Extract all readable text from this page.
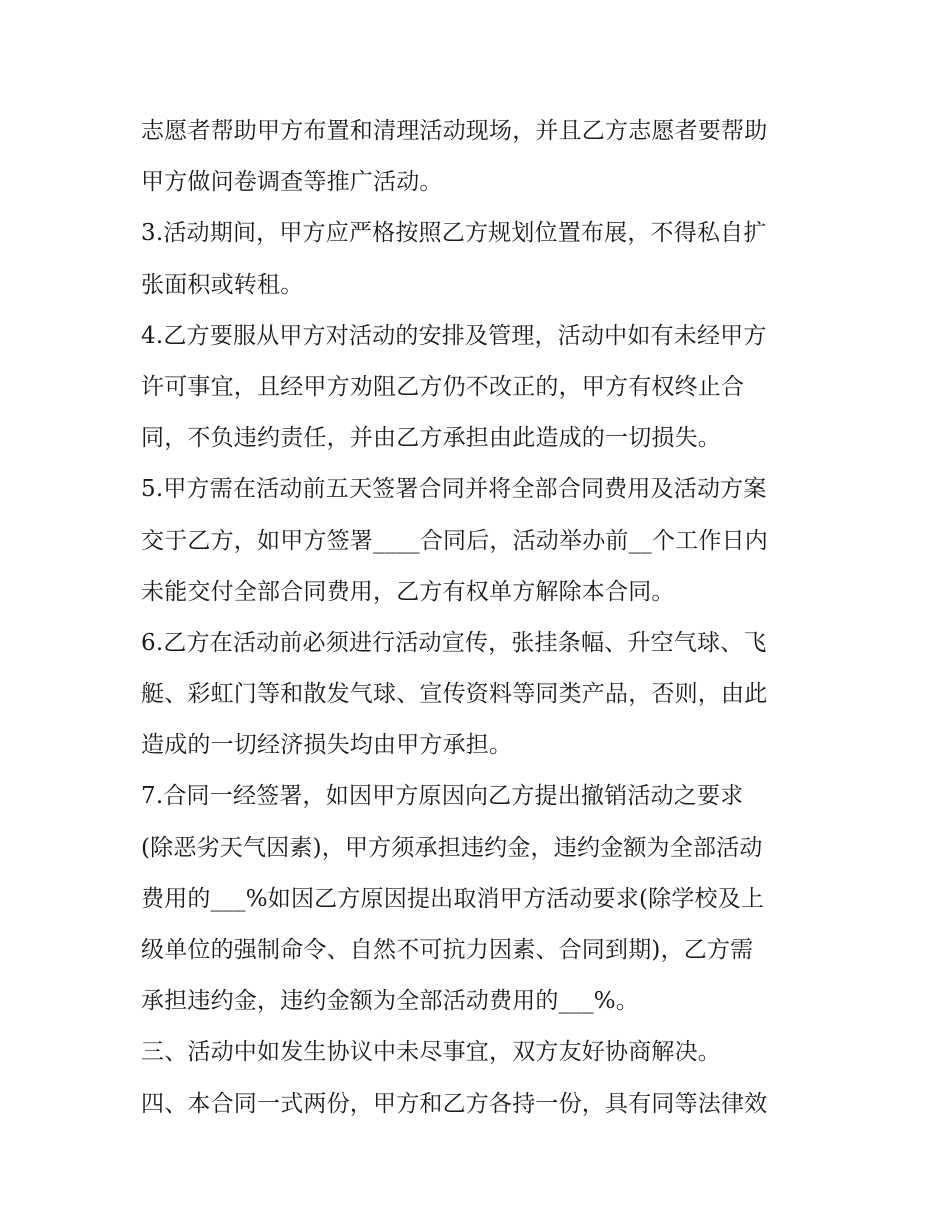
志愿者帮助甲方布置和清理活动现场，并且乙方志愿者要帮助
甲方做问卷调查等推广活动。
3.活动期间，甲方应严格按照乙方规划位置布展，不得私自扩
张面积或转租。
4.乙方要服从甲方对活动的安排及管理，活动中如有未经甲方
许可事宜，且经甲方劝阻乙方仍不改正的，甲方有权终止合
同，不负违约责任，并由乙方承担由此造成的一切损失。
5.甲方需在活动前五天签署合同并将全部合同费用及活动方案
交于乙方，如甲方签署____合同后，活动举办前__个工作日内
未能交付全部合同费用，乙方有权单方解除本合同。
6.乙方在活动前必须进行活动宣传，张挂条幅、升空气球、飞
艇、彩虹门等和散发气球、宣传资料等同类产品，否则，由此
造成的一切经济损失均由甲方承担。
7.合同一经签署，如因甲方原因向乙方提出撤销活动之要求
(除恶劣天气因素)，甲方须承担违约金，违约金额为全部活动
费用的___%如因乙方原因提出取消甲方活动要求(除学校及上
级单位的强制命令、自然不可抗力因素、合同到期)，乙方需
承担违约金，违约金额为全部活动费用的___%。
三、活动中如发生协议中未尽事宜，双方友好协商解决。
四、本合同一式两份，甲方和乙方各持一份，具有同等法律效
